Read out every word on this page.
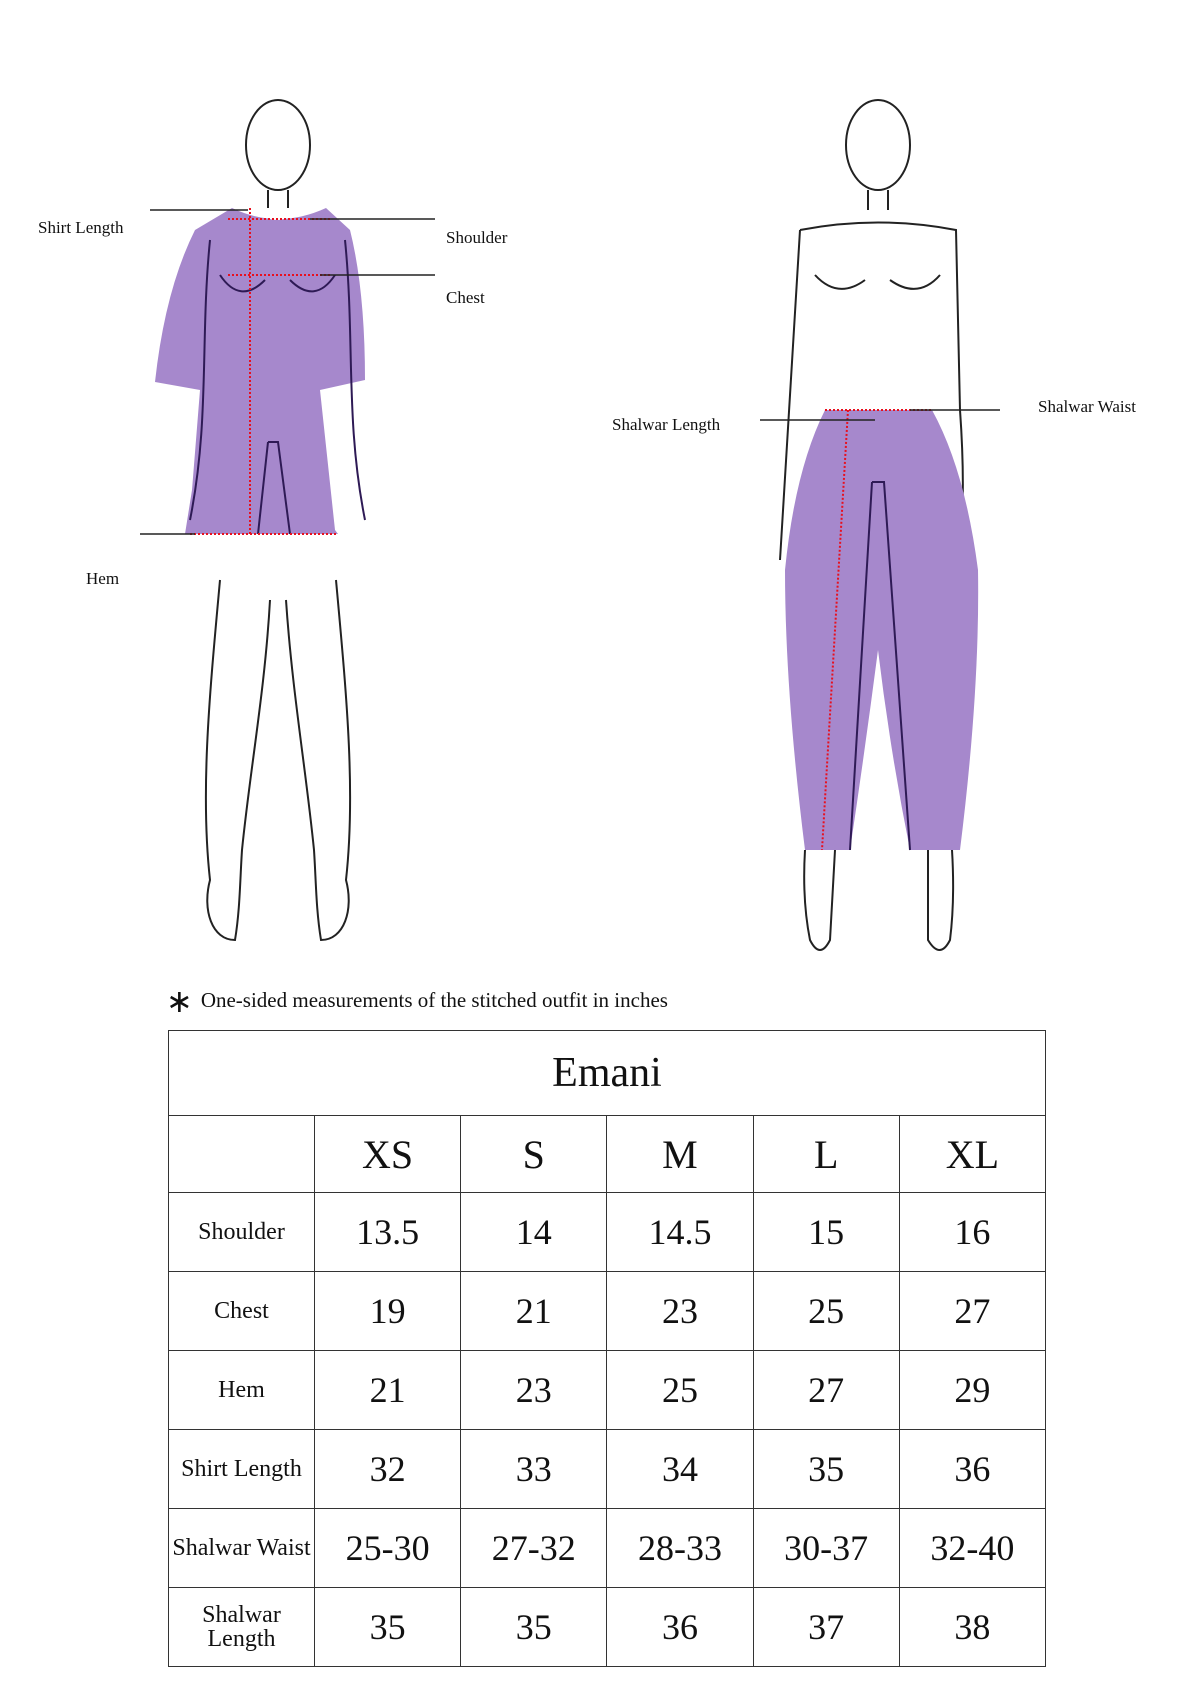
Shirt Length
Shoulder
Chest
Hem
Shalwar Length
Shalwar Waist
∗ One-sided measurements of the stitched outfit in inches
Emani					
	XS	S	M	L	XL
Shoulder	13.5	14	14.5	15	16
Chest	19	21	23	25	27
Hem	21	23	25	27	29
Shirt Length	32	33	34	35	36
Shalwar Waist	25-30	27-32	28-33	30-37	32-40
Shalwar Length	35	35	36	37	38
